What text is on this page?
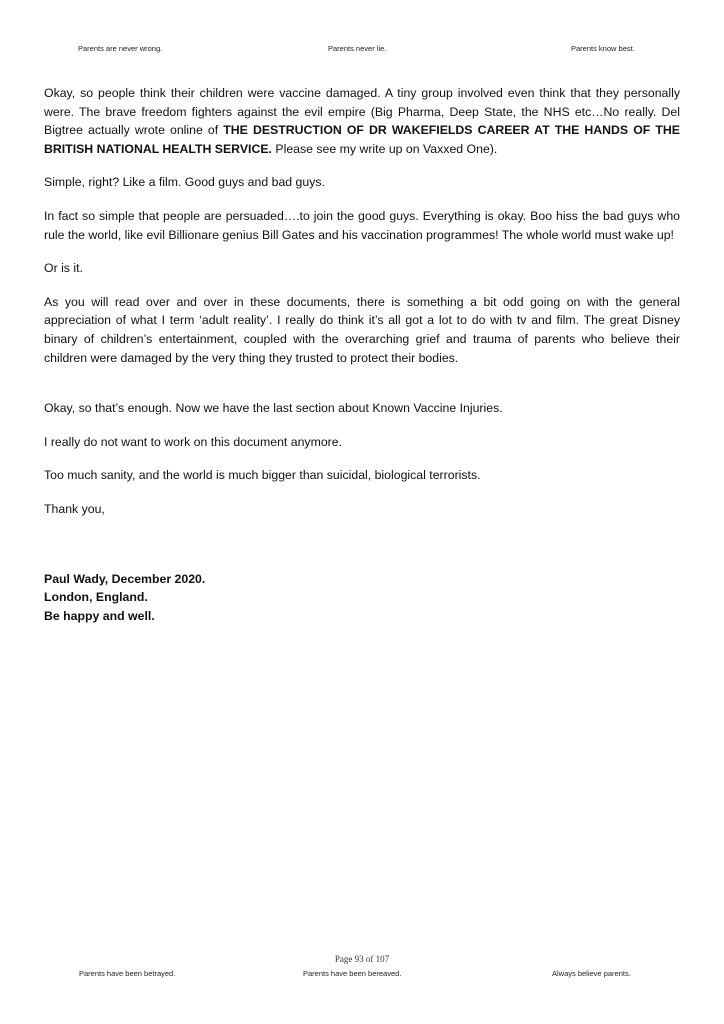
Parents are never wrong.	Parents never lie.	Parents know best.

Okay, so people think their children were vaccine damaged. A tiny group involved even think that they personally were. The brave freedom fighters against the evil empire (Big Pharma, Deep State, the NHS etc…No really. Del Bigtree actually wrote online of THE DESTRUCTION OF DR WAKEFIELDS CAREER AT THE HANDS OF THE BRITISH NATIONAL HEALTH SERVICE. Please see my write up on Vaxxed One).

Simple, right? Like a film. Good guys and bad guys.

In fact so simple that people are persuaded….to join the good guys. Everything is okay. Boo hiss the bad guys who rule the world, like evil Billionare genius Bill Gates and his vaccination programmes! The whole world must wake up!

Or is it.

As you will read over and over in these documents, there is something a bit odd going on with the general appreciation of what I term ‘adult reality’. I really do think it’s all got a lot to do with tv and film. The great Disney binary of children’s entertainment, coupled with the overarching grief and trauma of parents who believe their children were damaged by the very thing they trusted to protect their bodies.

Okay, so that’s enough. Now we have the last section about Known Vaccine Injuries.

I really do not want to work on this document anymore.

Too much sanity, and the world is much bigger than suicidal, biological terrorists.

Thank you,

Paul Wady, December 2020.
London, England.
Be happy and well.
Page 93 of 107
Parents have been betrayed.	Parents have been bereaved.	Always believe parents.
